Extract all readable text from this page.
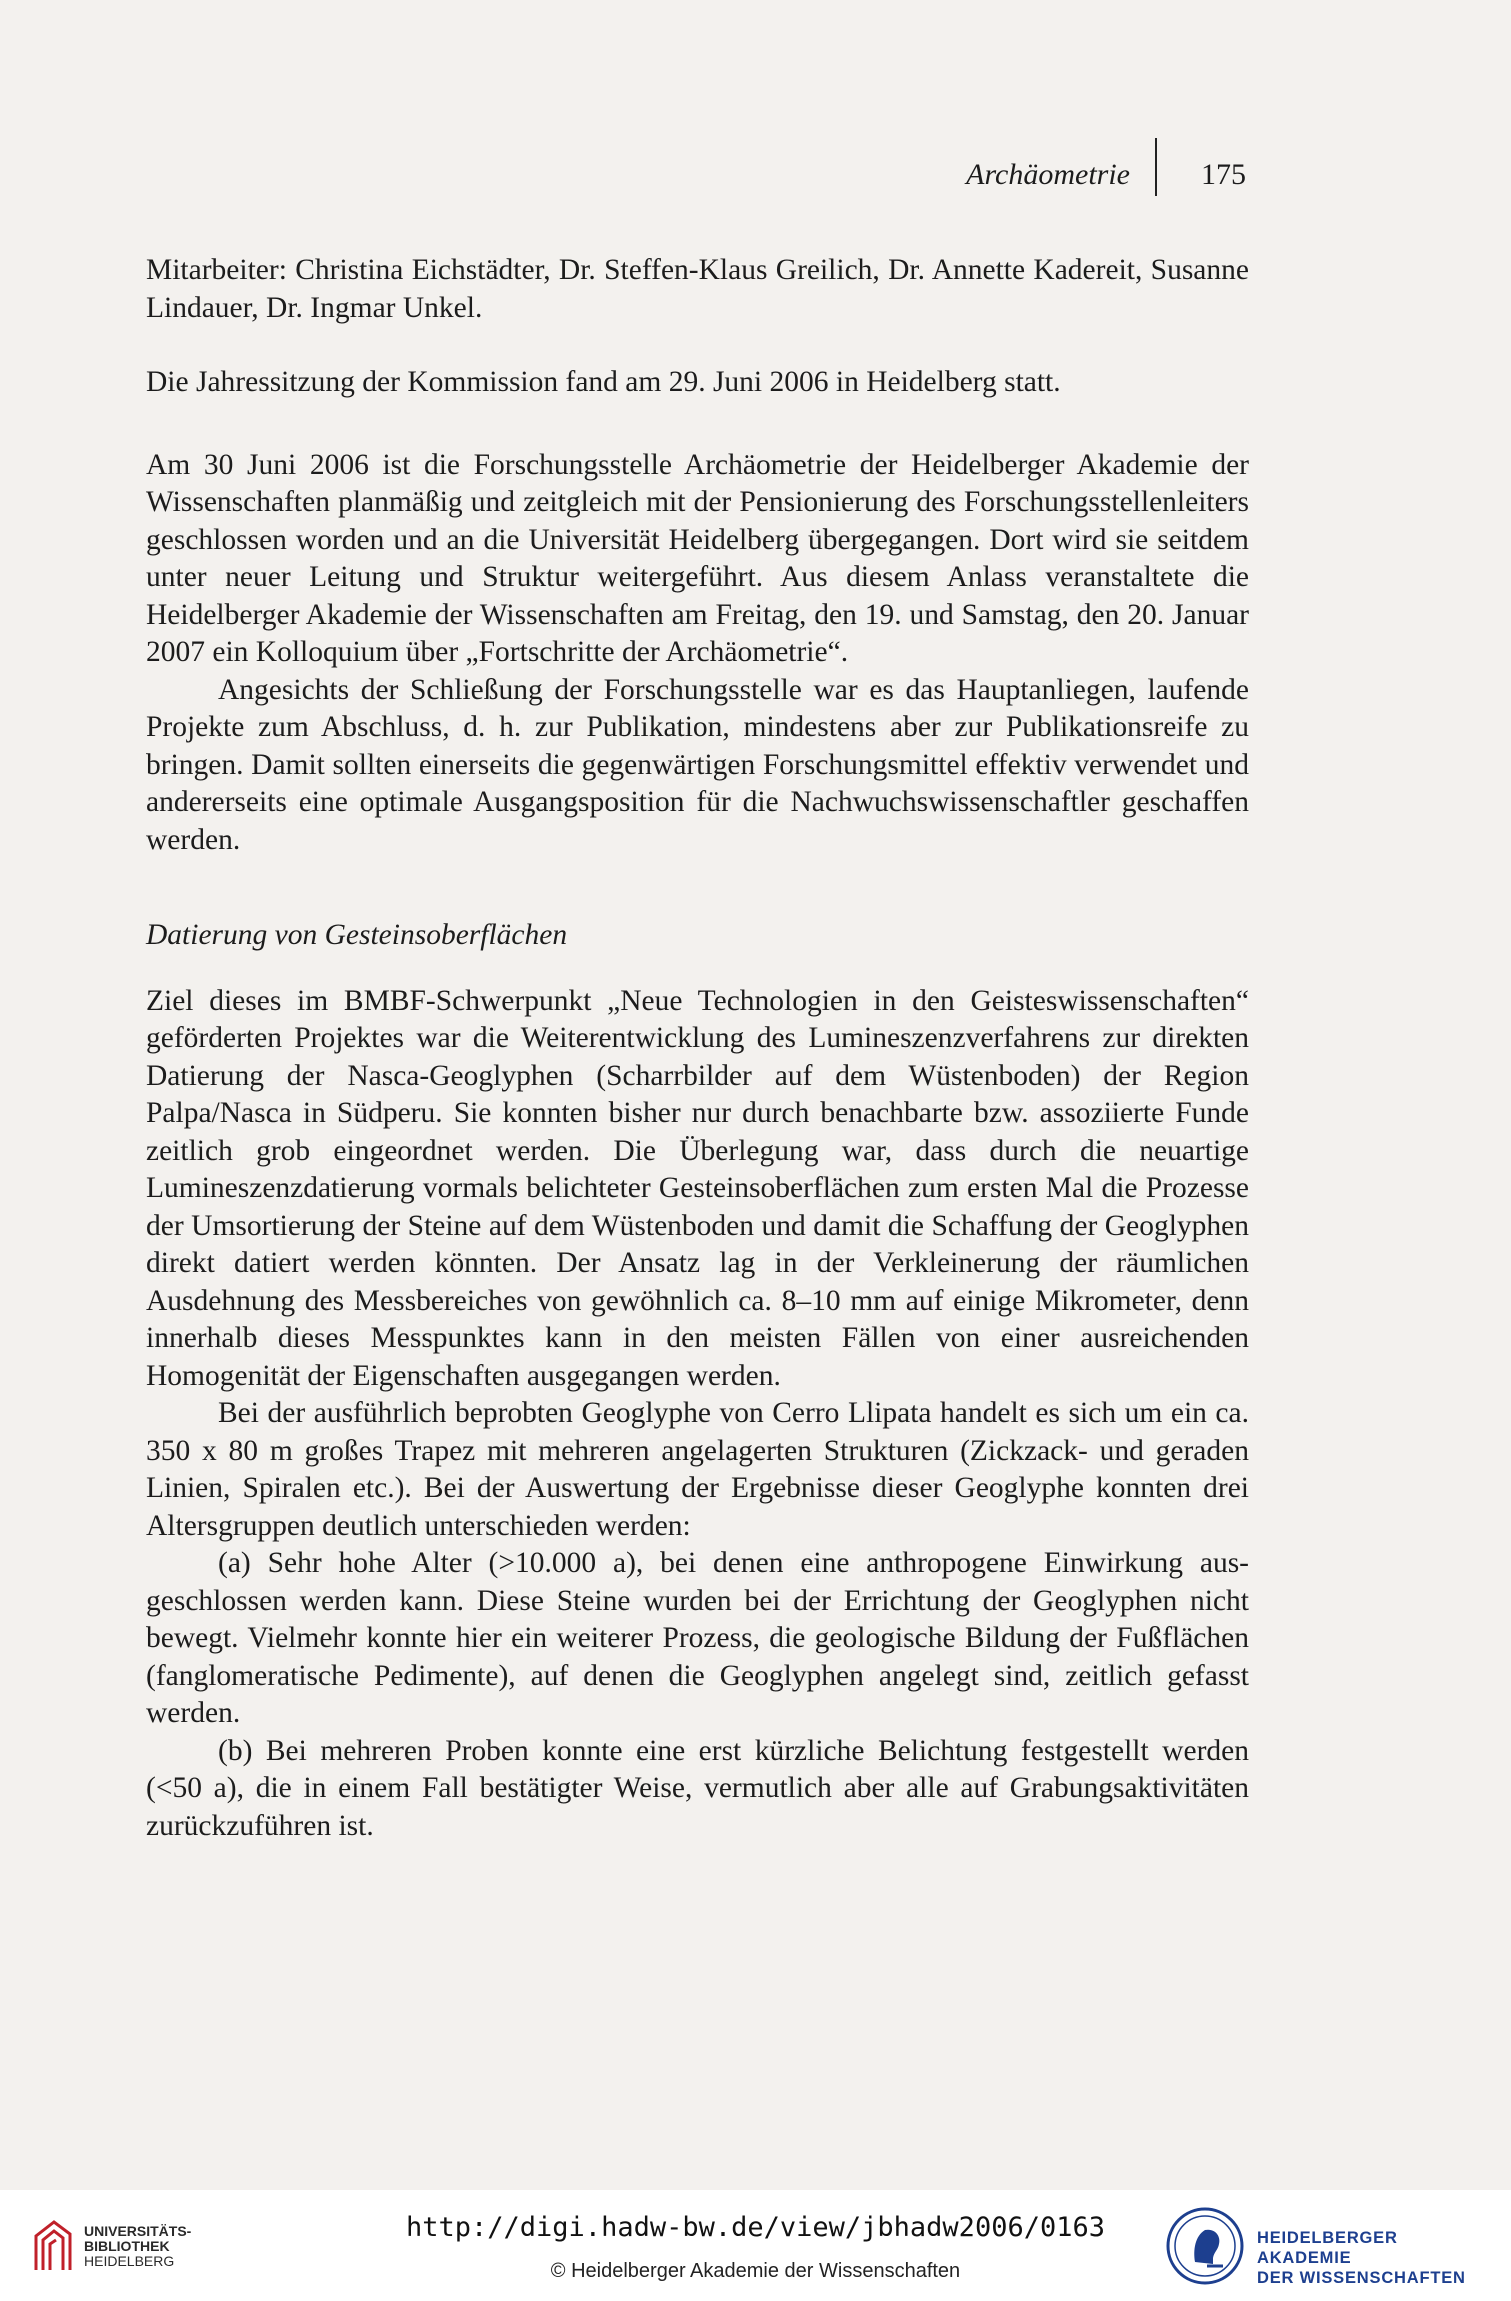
Archäometrie 175

Mitarbeiter: Christina Eichstädter, Dr. Steffen-Klaus Greilich, Dr. Annette Kadereit, Susanne Lindauer, Dr. Ingmar Unkel.

Die Jahressitzung der Kommission fand am 29. Juni 2006 in Heidelberg statt.

Am 30 Juni 2006 ist die Forschungsstelle Archäometrie der Heidelberger Akademie der Wissenschaften planmäßig und zeitgleich mit der Pensionierung des Forschungsstellenleiters geschlossen worden und an die Universität Heidelberg übergegangen. Dort wird sie seitdem unter neuer Leitung und Struktur weitergeführt. Aus diesem Anlass veranstaltete die Heidelberger Akademie der Wissenschaften am Freitag, den 19. und Samstag, den 20. Januar 2007 ein Kolloquium über „Fortschritte der Archäometrie“.

Angesichts der Schließung der Forschungsstelle war es das Hauptanliegen, laufende Projekte zum Abschluss, d. h. zur Publikation, mindestens aber zur Publikationsreife zu bringen. Damit sollten einerseits die gegenwärtigen Forschungsmittel effektiv verwendet und andererseits eine optimale Ausgangsposition für die Nachwuchswissenschaftler geschaffen werden.

Datierung von Gesteinsoberflächen

Ziel dieses im BMBF-Schwerpunkt „Neue Technologien in den Geisteswissenschaften“ geförderten Projektes war die Weiterentwicklung des Lumineszenzverfahrens zur direkten Datierung der Nasca-Geoglyphen (Scharrbilder auf dem Wüstenboden) der Region Palpa/Nasca in Südperu. Sie konnten bisher nur durch benachbarte bzw. assoziierte Funde zeitlich grob eingeordnet werden. Die Überlegung war, dass durch die neuartige Lumineszenzdatierung vormals belichteter Gesteinsoberflächen zum ersten Mal die Prozesse der Umsortierung der Steine auf dem Wüstenboden und damit die Schaffung der Geoglyphen direkt datiert werden könnten. Der Ansatz lag in der Verkleinerung der räumlichen Ausdehnung des Messbereiches von gewöhnlich ca. 8–10 mm auf einige Mikrometer, denn innerhalb dieses Messpunktes kann in den meisten Fällen von einer ausreichenden Homogenität der Eigenschaften ausgegangen werden.

Bei der ausführlich beprobten Geoglyphe von Cerro Llipata handelt es sich um ein ca. 350 x 80 m großes Trapez mit mehreren angelagerten Strukturen (Zickzack- und geraden Linien, Spiralen etc.). Bei der Auswertung der Ergebnisse dieser Geoglyphe konnten drei Altersgruppen deutlich unterschieden werden:

(a) Sehr hohe Alter (>10.000 a), bei denen eine anthropogene Einwirkung ausgeschlossen werden kann. Diese Steine wurden bei der Errichtung der Geoglyphen nicht bewegt. Vielmehr konnte hier ein weiterer Prozess, die geologische Bildung der Fußflächen (fanglomeratische Pedimente), auf denen die Geoglyphen angelegt sind, zeitlich gefasst werden.

(b) Bei mehreren Proben konnte eine erst kürzliche Belichtung festgestellt werden (<50 a), die in einem Fall bestätigter Weise, vermutlich aber alle auf Grabungsaktivitäten zurückzuführen ist.

UNIVERSITÄTS-
BIBLIOTHEK
HEIDELBERG
http://digi.hadw-bw.de/view/jbhadw2006/0163
© Heidelberger Akademie der Wissenschaften
HEIDELBERGER AKADEMIE
DER WISSENSCHAFTEN
